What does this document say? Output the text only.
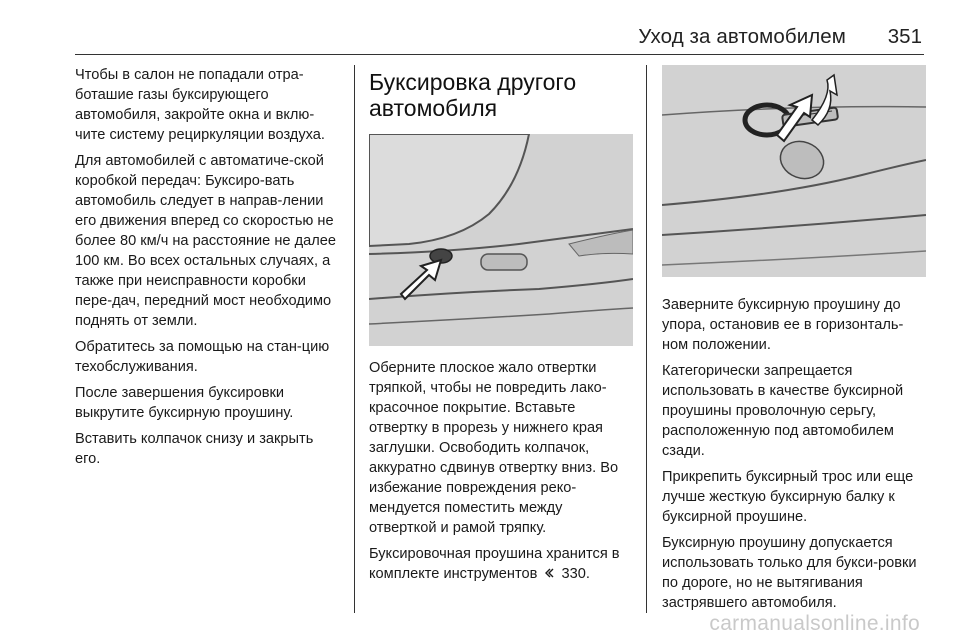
Уход за автомобилем 351

Чтобы в салон не попадали отра-боташие газы буксирующего автомобиля, закройте окна и вклю-чите систему рециркуляции воздуха.

Для автомобилей с автоматиче-ской коробкой передач: Буксиро-вать автомобиль следует в направ-лении его движения вперед со скоростью не более 80 км/ч на расстояние не далее 100 км. Во всех остальных случаях, а также при неисправности коробки пере-дач, передний мост необходимо поднять от земли.

Обратитесь за помощью на стан-цию техобслуживания.

После завершения буксировки выкрутите буксирную проушину.

Вставить колпачок снизу и закрыть его.

Буксировка другого автомобиля

Оберните плоское жало отвертки тряпкой, чтобы не повредить лако-красочное покрытие. Вставьте отвертку в прорезь у нижнего края заглушки. Освободить колпачок, аккуратно сдвинув отвертку вниз. Во избежание повреждения реко-мендуется поместить между отверткой и рамой тряпку.

Буксировочная проушина хранится в комплекте инструментов 330.

Заверните буксирную проушину до упора, остановив ее в горизонталь-ном положении.

Категорически запрещается использовать в качестве буксирной проушины проволочную серьгу, расположенную под автомобилем сзади.

Прикрепить буксирный трос или еще лучше жесткую буксирную балку к буксирной проушине.

Буксирную проушину допускается использовать только для букси-ровки по дороге, но не вытягивания застрявшего автомобиля.

carmanualsonline.info
